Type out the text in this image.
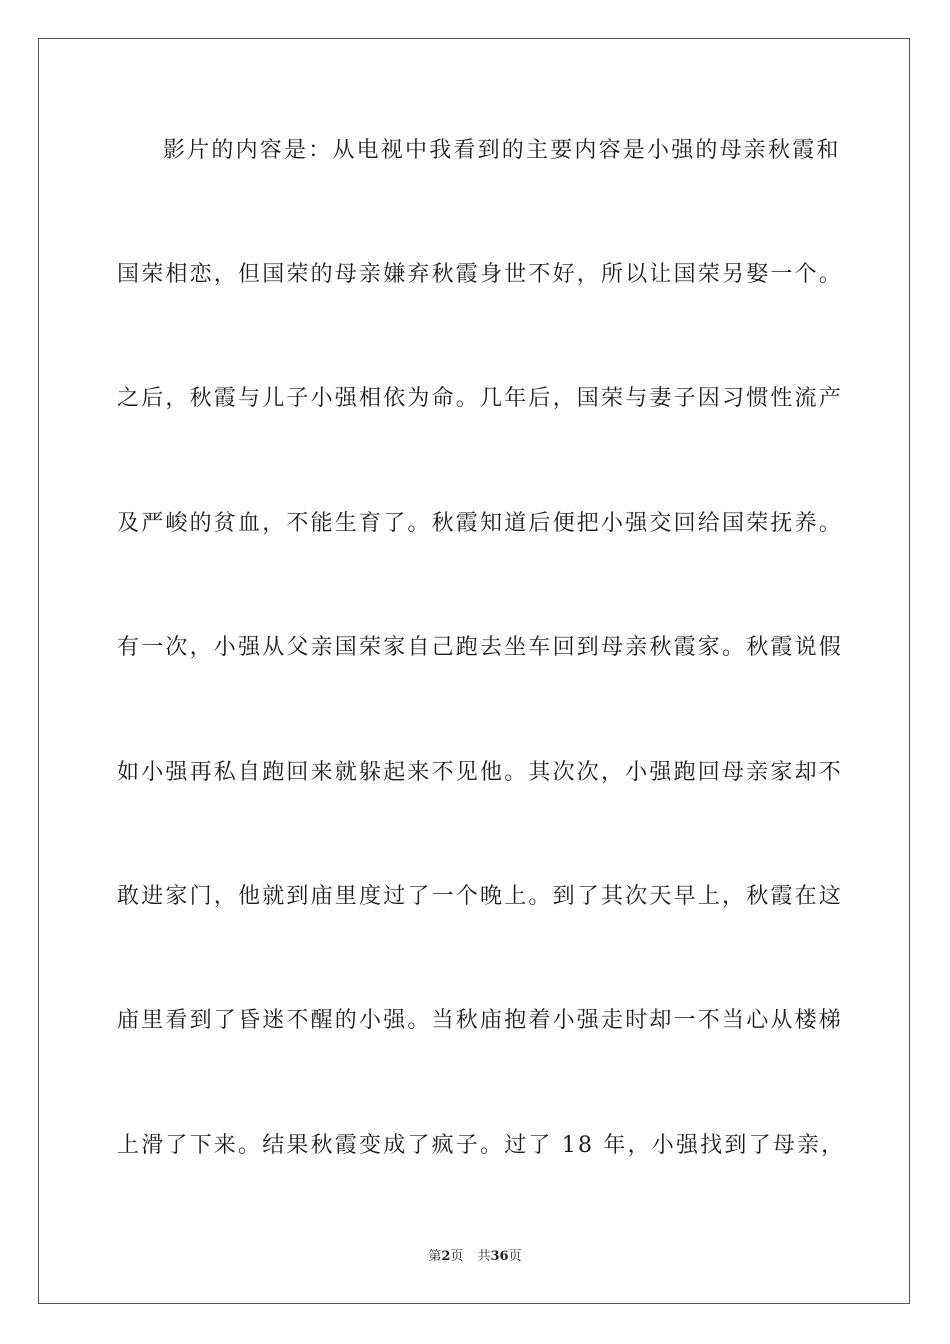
影片的内容是：从电视中我看到的主要内容是小强的母亲秋霞和
国荣相恋，但国荣的母亲嫌弃秋霞身世不好，所以让国荣另娶一个。
之后，秋霞与儿子小强相依为命。几年后，国荣与妻子因习惯性流产
及严峻的贫血，不能生育了。秋霞知道后便把小强交回给国荣抚养。
有一次，小强从父亲国荣家自己跑去坐车回到母亲秋霞家。秋霞说假
如小强再私自跑回来就躲起来不见他。其次次，小强跑回母亲家却不
敢进家门，他就到庙里度过了一个晚上。到了其次天早上，秋霞在这
庙里看到了昏迷不醒的小强。当秋庙抱着小强走时却一不当心从楼梯
上滑了下来。结果秋霞变成了疯子。过了 18 年，小强找到了母亲，
第2页 共36页
